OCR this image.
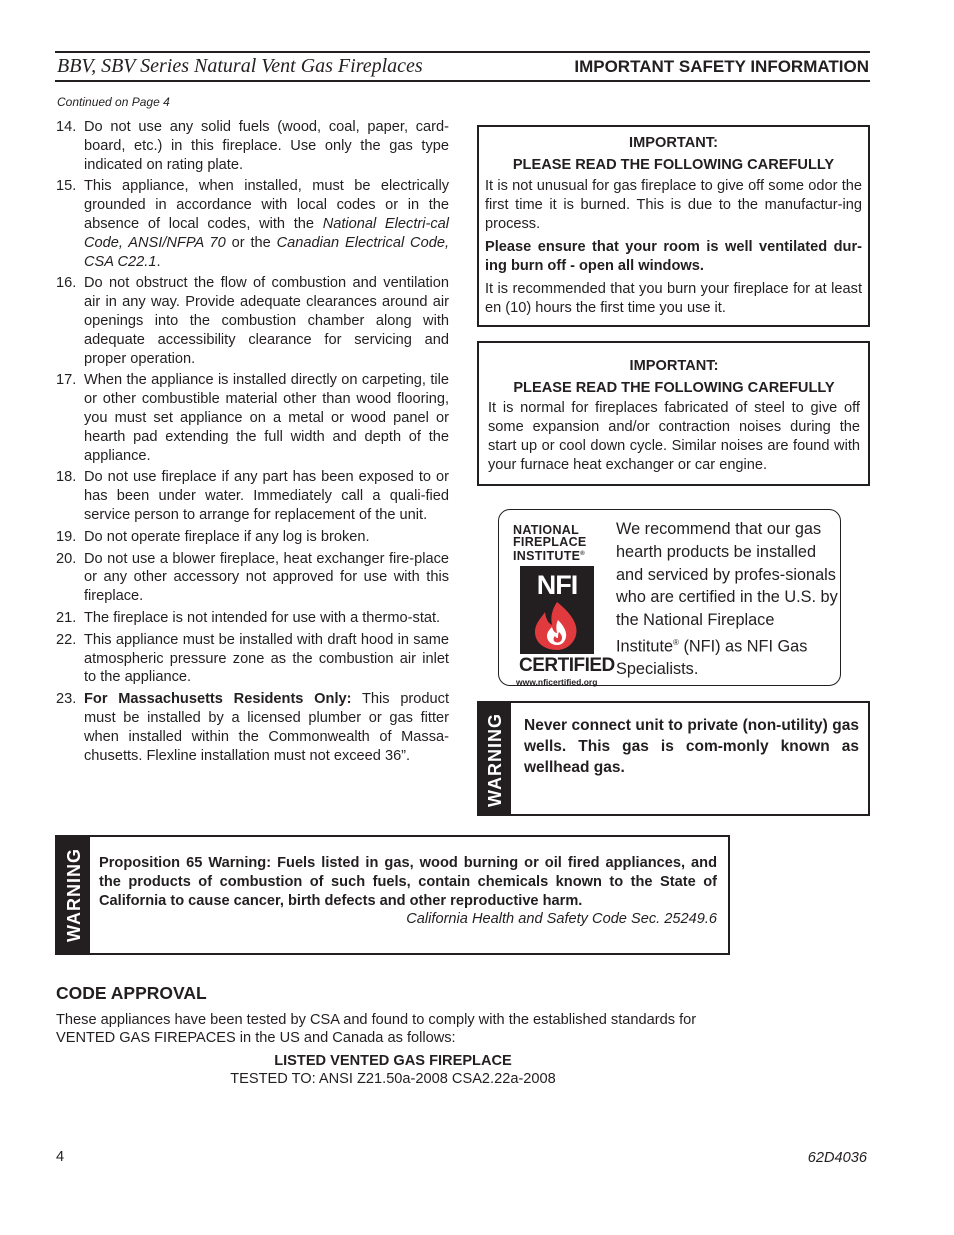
BBV, SBV Series Natural Vent Gas Fireplaces	IMPORTANT SAFETY INFORMATION
Continued on Page 4
14. Do not use any solid fuels (wood, coal, paper, card-board, etc.) in this fireplace. Use only the gas type indicated on rating plate.
15. This appliance, when installed, must be electrically grounded in accordance with local codes or in the absence of local codes, with the National Electri-cal Code, ANSI/NFPA 70 or the Canadian Electrical Code, CSA C22.1.
16. Do not obstruct the flow of combustion and ventilation air in any way. Provide adequate clearances around air openings into the combustion chamber along with adequate accessibility clearance for servicing and proper operation.
17. When the appliance is installed directly on carpeting, tile or other combustible material other than wood flooring, you must set appliance on a metal or wood panel or hearth pad extending the full width and depth of the appliance.
18. Do not use fireplace if any part has been exposed to or has been under water. Immediately call a quali-fied service person to arrange for replacement of the unit.
19. Do not operate fireplace if any log is broken.
20. Do not use a blower fireplace, heat exchanger fire-place or any other accessory not approved for use with this fireplace.
21. The fireplace is not intended for use with a thermo-stat.
22. This appliance must be installed with draft hood in same atmospheric pressure zone as the combustion air inlet to the appliance.
23. For Massachusetts Residents Only: This product must be installed by a licensed plumber or gas fitter when installed within the Commonwealth of Massa-chusetts. Flexline installation must not exceed 36”.
IMPORTANT:
PLEASE READ THE FOLLOWING CAREFULLY

It is not unusual for gas fireplace to give off some odor the first time it is burned. This is due to the manufactur-ing process.

Please ensure that your room is well ventilated dur-ing burn off - open all windows.

It is recommended that you burn your fireplace for at least en (10) hours the first time you use it.

IMPORTANT:
PLEASE READ THE FOLLOWING CAREFULLY

It is normal for fireplaces fabricated of steel to give off some expansion and/or contraction noises during the start up or cool down cycle. Similar noises are found with your furnace heat exchanger or car engine.

NATIONAL
FIREPLACE
INSTITUTE®
NFI
CERTIFIED
www.nficertified.org
We recommend that our gas hearth products be installed and serviced by profes-sionals who are certified in the U.S. by the National Fireplace Institute® (NFI) as NFI Gas Specialists.
WARNING Never connect unit to private (non-utility) gas wells. This gas is com-monly known as wellhead gas.
WARNING Proposition 65 Warning: Fuels listed in gas, wood burning or oil fired appliances, and the products of combustion of such fuels, contain chemicals known to the State of California to cause cancer, birth defects and other reproductive harm.
California Health and Safety Code Sec. 25249.6
CODE APPROVAL
These appliances have been tested by CSA and found to comply with the established standards for VENTED GAS FIREPACES in the US and Canada as follows:
LISTED VENTED GAS FIREPLACE
TESTED TO: ANSI Z21.50a-2008 CSA2.22a-2008
4	62D4036
